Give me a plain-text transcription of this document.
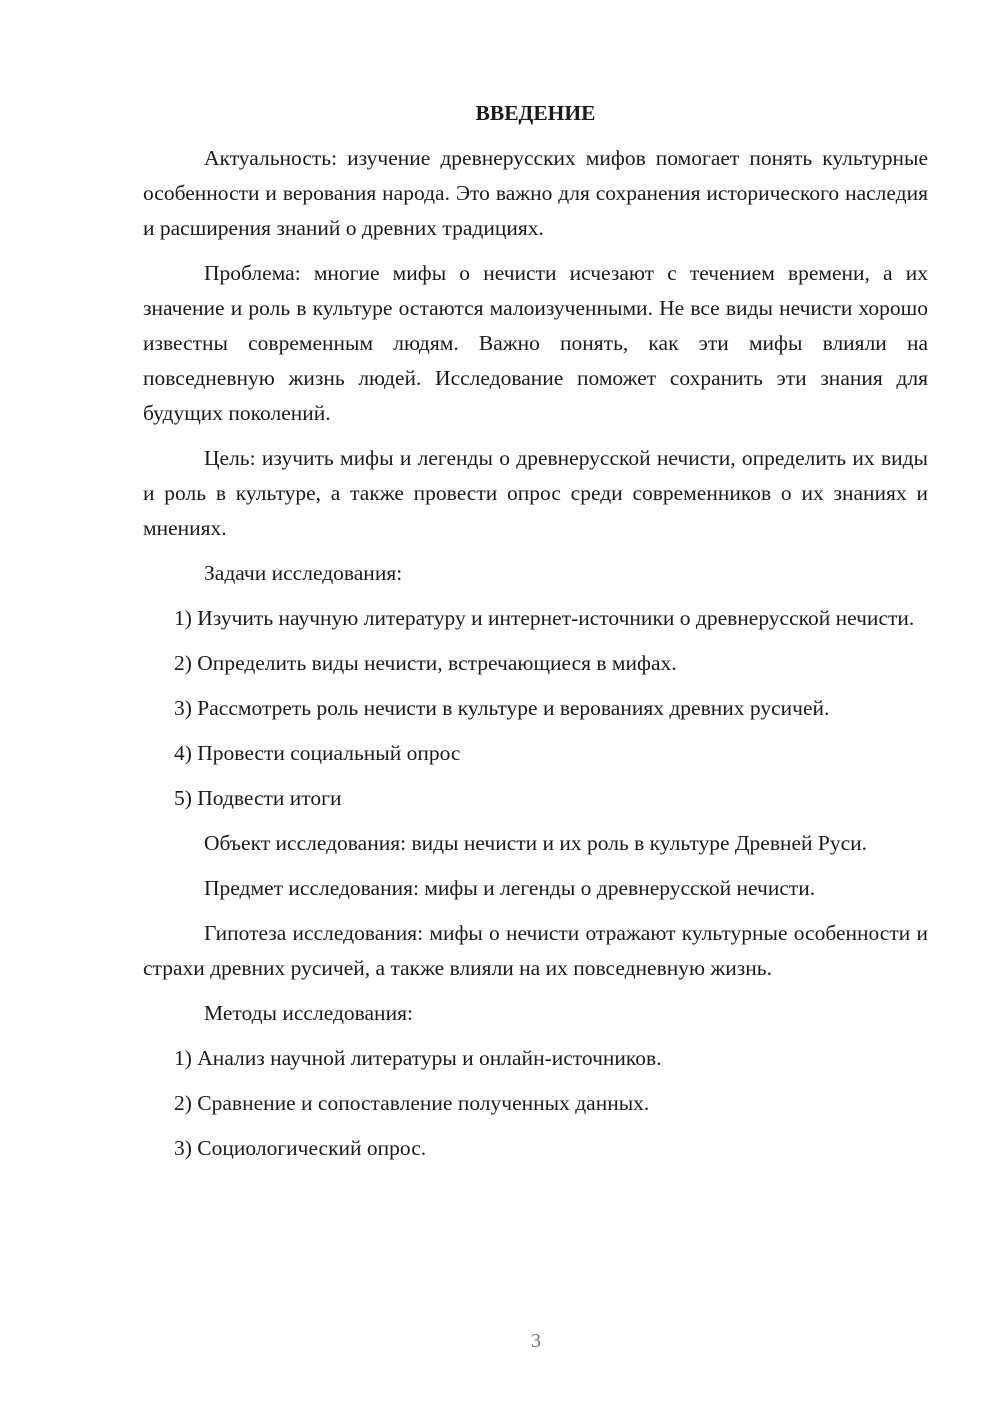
ВВЕДЕНИЕ

Актуальность: изучение древнерусских мифов помогает понять культурные особенности и верования народа. Это важно для сохранения исторического наследия и расширения знаний о древних традициях.

Проблема: многие мифы о нечисти исчезают с течением времени, а их значение и роль в культуре остаются малоизученными. Не все виды нечисти хорошо известны современным людям. Важно понять, как эти мифы влияли на повседневную жизнь людей. Исследование поможет сохранить эти знания для будущих поколений.

Цель: изучить мифы и легенды о древнерусской нечисти, определить их виды и роль в культуре, а также провести опрос среди современников о их знаниях и мнениях.

Задачи исследования:

1) Изучить научную литературу и интернет-источники о древнерусской нечисти.

2) Определить виды нечисти, встречающиеся в мифах.

3) Рассмотреть роль нечисти в культуре и верованиях древних русичей.

4) Провести социальный опрос

5) Подвести итоги

Объект исследования: виды нечисти и их роль в культуре Древней Руси.

Предмет исследования: мифы и легенды о древнерусской нечисти.

Гипотеза исследования: мифы о нечисти отражают культурные особенности и страхи древних русичей, а также влияли на их повседневную жизнь.

Методы исследования:

1) Анализ научной литературы и онлайн-источников.

2) Сравнение и сопоставление полученных данных.

3) Социологический опрос.

3
